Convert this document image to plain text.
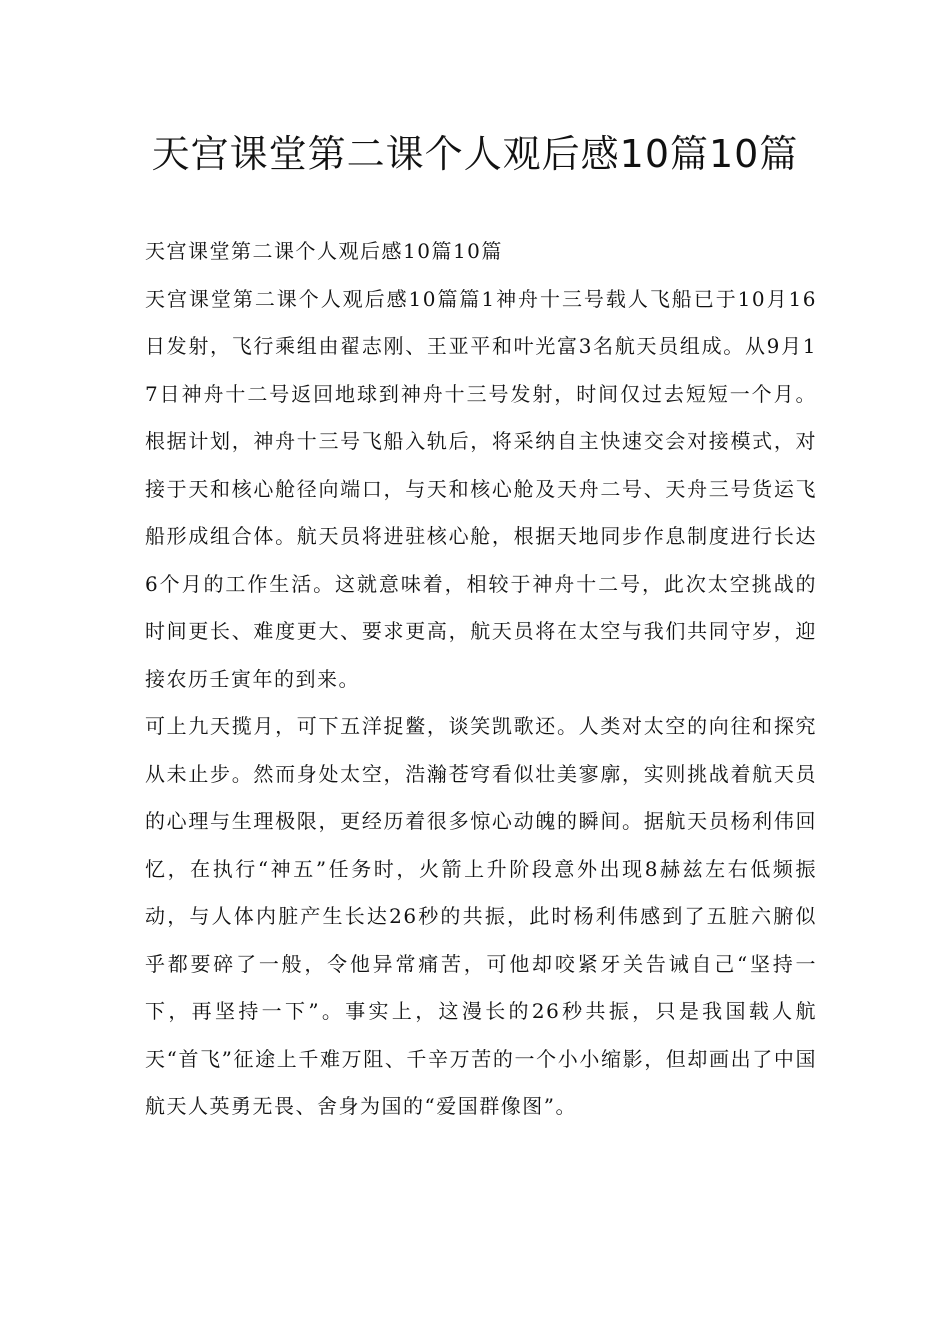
天宫课堂第二课个人观后感10篇10篇

天宫课堂第二课个人观后感10篇10篇

天宫课堂第二课个人观后感10篇篇1神舟十三号载人飞船已于10月16日发射，飞行乘组由翟志刚、王亚平和叶光富3名航天员组成。从9月17日神舟十二号返回地球到神舟十三号发射，时间仅过去短短一个月。根据计划，神舟十三号飞船入轨后，将采纳自主快速交会对接模式，对接于天和核心舱径向端口，与天和核心舱及天舟二号、天舟三号货运飞船形成组合体。航天员将进驻核心舱，根据天地同步作息制度进行长达6个月的工作生活。这就意味着，相较于神舟十二号，此次太空挑战的时间更长、难度更大、要求更高，航天员将在太空与我们共同守岁，迎接农历壬寅年的到来。

可上九天揽月，可下五洋捉鳖，谈笑凯歌还。人类对太空的向往和探究从未止步。然而身处太空，浩瀚苍穹看似壮美寥廓，实则挑战着航天员的心理与生理极限，更经历着很多惊心动魄的瞬间。据航天员杨利伟回忆，在执行“神五”任务时，火箭上升阶段意外出现8赫兹左右低频振动，与人体内脏产生长达26秒的共振，此时杨利伟感到了五脏六腑似乎都要碎了一般，令他异常痛苦，可他却咬紧牙关告诫自己“坚持一下，再坚持一下”。事实上，这漫长的26秒共振，只是我国载人航天“首飞”征途上千难万阻、千辛万苦的一个小小缩影，但却画出了中国航天人英勇无畏、舍身为国的“爱国群像图”。
